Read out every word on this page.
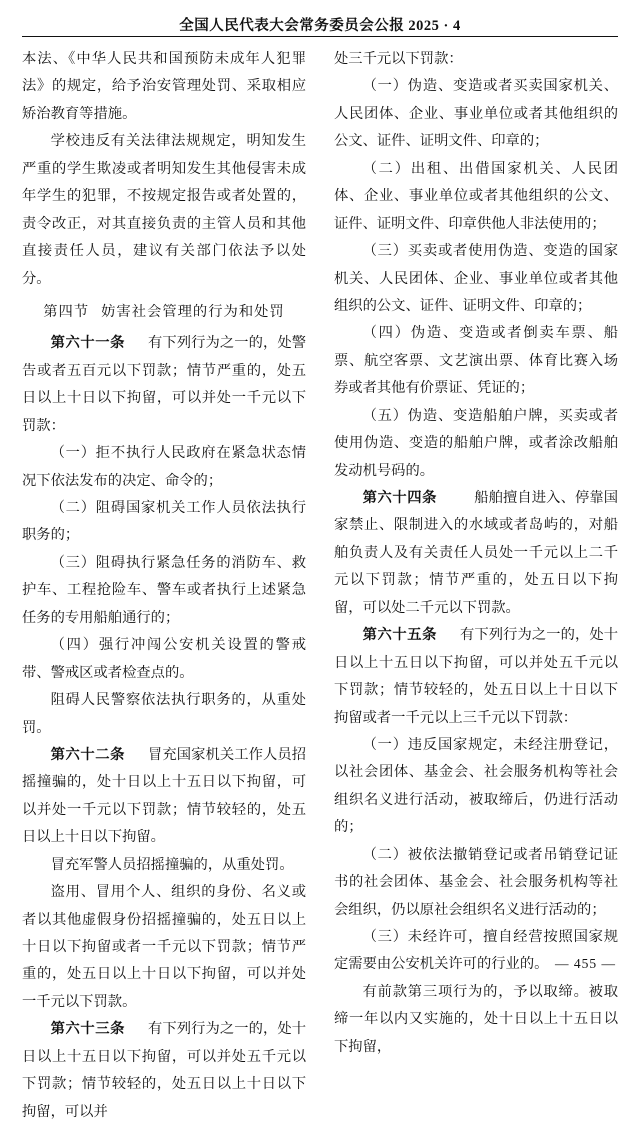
全国人民代表大会常务委员会公报 2025 · 4

本法、《中华人民共和国预防未成年人犯罪法》的规定，给予治安管理处罚、采取相应矫治教育等措施。

学校违反有关法律法规规定，明知发生严重的学生欺凌或者明知发生其他侵害未成年学生的犯罪，不按规定报告或者处置的，责令改正，对其直接负责的主管人员和其他直接责任人员，建议有关部门依法予以处分。

第四节 妨害社会管理的行为和处罚

第六十一条 有下列行为之一的，处警告或者五百元以下罚款；情节严重的，处五日以上十日以下拘留，可以并处一千元以下罚款：

（一）拒不执行人民政府在紧急状态情况下依法发布的决定、命令的；

（二）阻碍国家机关工作人员依法执行职务的；

（三）阻碍执行紧急任务的消防车、救护车、工程抢险车、警车或者执行上述紧急任务的专用船舶通行的；

（四）强行冲闯公安机关设置的警戒带、警戒区或者检查点的。

阻碍人民警察依法执行职务的，从重处罚。

第六十二条 冒充国家机关工作人员招摇撞骗的，处十日以上十五日以下拘留，可以并处一千元以下罚款；情节较轻的，处五日以上十日以下拘留。

冒充军警人员招摇撞骗的，从重处罚。

盗用、冒用个人、组织的身份、名义或者以其他虚假身份招摇撞骗的，处五日以上十日以下拘留或者一千元以下罚款；情节严重的，处五日以上十日以下拘留，可以并处一千元以下罚款。

第六十三条 有下列行为之一的，处十日以上十五日以下拘留，可以并处五千元以下罚款；情节较轻的，处五日以上十日以下拘留，可以并

处三千元以下罚款：

（一）伪造、变造或者买卖国家机关、人民团体、企业、事业单位或者其他组织的公文、证件、证明文件、印章的；

（二）出租、出借国家机关、人民团体、企业、事业单位或者其他组织的公文、证件、证明文件、印章供他人非法使用的；

（三）买卖或者使用伪造、变造的国家机关、人民团体、企业、事业单位或者其他组织的公文、证件、证明文件、印章的；

（四）伪造、变造或者倒卖车票、船票、航空客票、文艺演出票、体育比赛入场券或者其他有价票证、凭证的；

（五）伪造、变造船舶户牌，买卖或者使用伪造、变造的船舶户牌，或者涂改船舶发动机号码的。

第六十四条	船舶擅自进入、停靠国家禁止、限制进入的水域或者岛屿的，对船舶负责人及有关责任人员处一千元以上二千元以下罚款；情节严重的，处五日以下拘留，可以处二千元以下罚款。

第六十五条 有下列行为之一的，处十日以上十五日以下拘留，可以并处五千元以下罚款；情节较轻的，处五日以上十日以下拘留或者一千元以上三千元以下罚款：

（一）违反国家规定，未经注册登记，以社会团体、基金会、社会服务机构等社会组织名义进行活动，被取缔后，仍进行活动的；

（二）被依法撤销登记或者吊销登记证书的社会团体、基金会、社会服务机构等社会组织，仍以原社会组织名义进行活动的；

（三）未经许可，擅自经营按照国家规定需要由公安机关许可的行业的。

有前款第三项行为的，予以取缔。被取缔一年以内又实施的，处十日以上十五日以下拘留，

— 455 —
